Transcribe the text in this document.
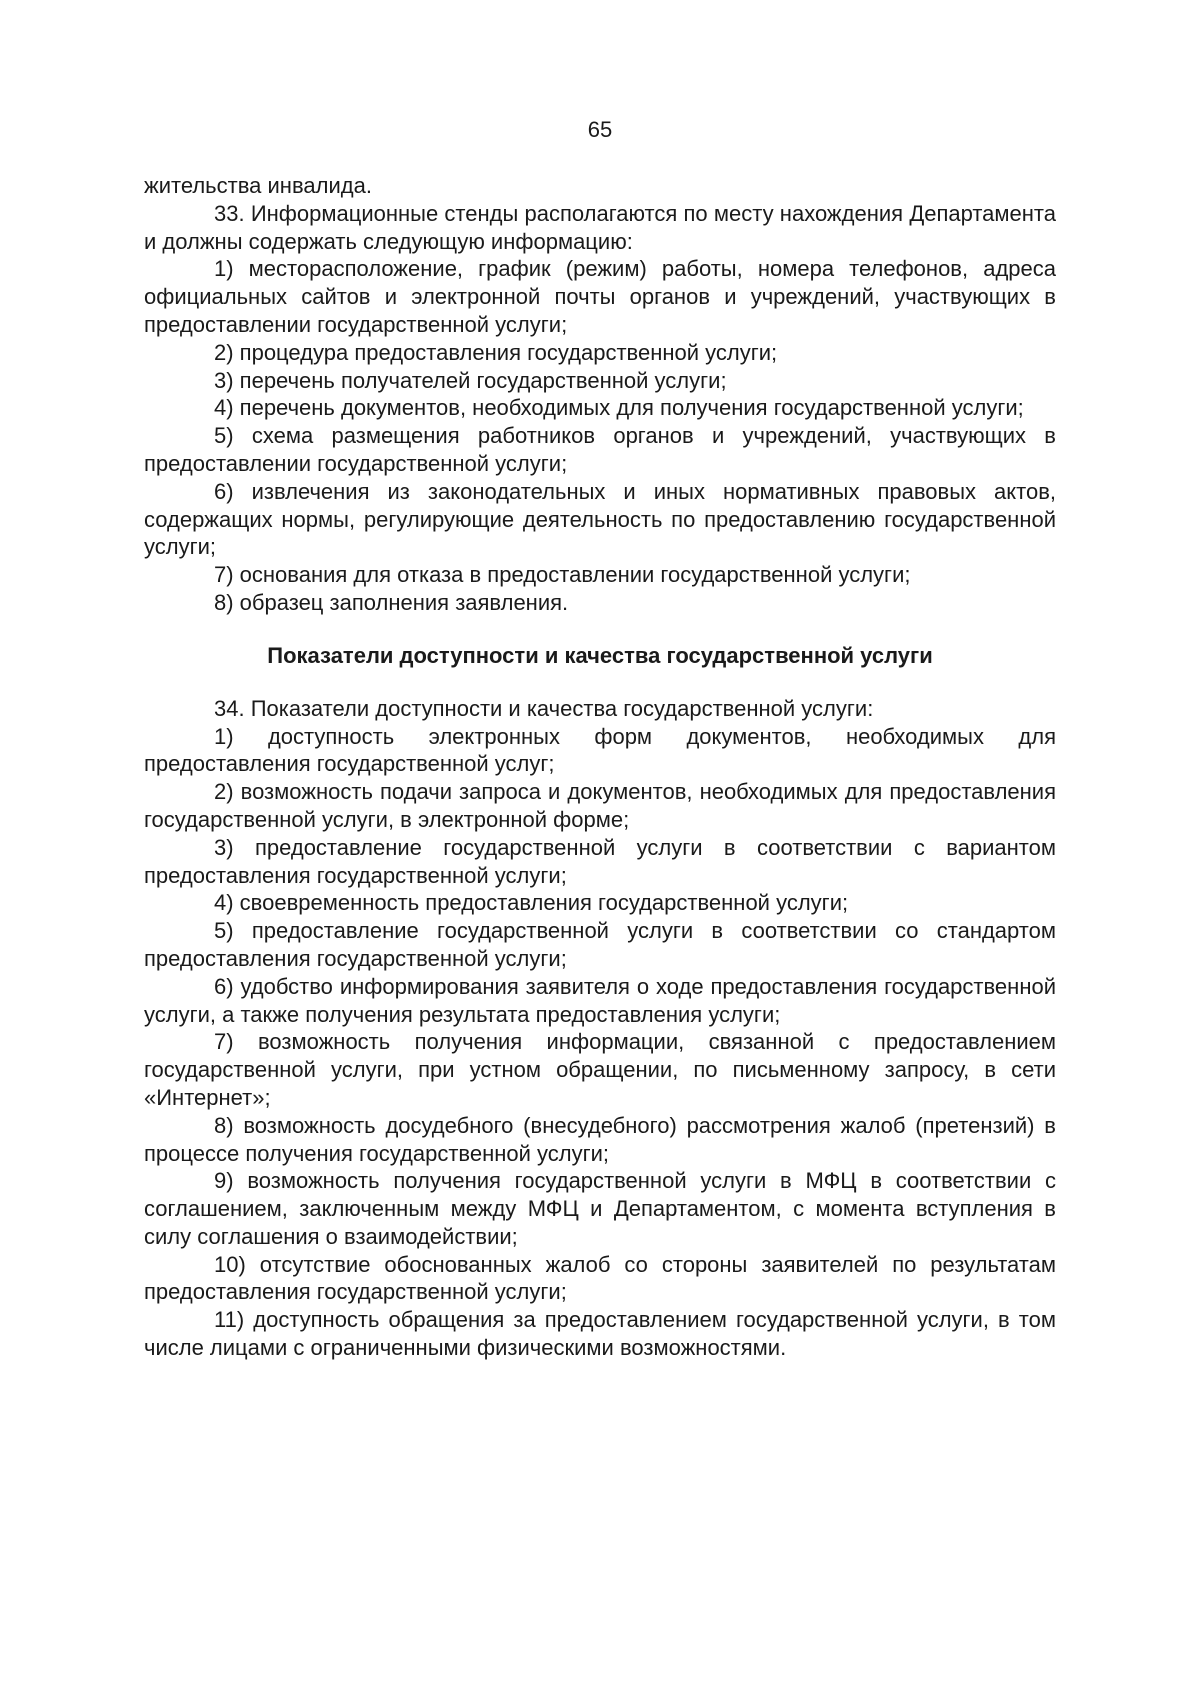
65

жительства инвалида.

33. Информационные стенды располагаются по месту нахождения Департамента и должны содержать следующую информацию:

1) месторасположение, график (режим) работы, номера телефонов, адреса официальных сайтов и электронной почты органов и учреждений, участвующих в предоставлении государственной услуги;

2) процедура предоставления государственной услуги;

3) перечень получателей государственной услуги;

4) перечень документов, необходимых для получения государственной услуги;

5) схема размещения работников органов и учреждений, участвующих в предоставлении государственной услуги;

6) извлечения из законодательных и иных нормативных правовых актов, содержащих нормы, регулирующие деятельность по предоставлению государственной услуги;

7) основания для отказа в предоставлении государственной услуги;

8) образец заполнения заявления.

Показатели доступности и качества государственной услуги

34. Показатели доступности и качества государственной услуги:

1) доступность электронных форм документов, необходимых для предоставления государственной услуг;

2) возможность подачи запроса и документов, необходимых для предоставления государственной услуги, в электронной форме;

3) предоставление государственной услуги в соответствии с вариантом предоставления государственной услуги;

4) своевременность предоставления государственной услуги;

5) предоставление государственной услуги в соответствии со стандартом предоставления государственной услуги;

6) удобство информирования заявителя о ходе предоставления государственной услуги, а также получения результата предоставления услуги;

7) возможность получения информации, связанной с предоставлением государственной услуги, при устном обращении, по письменному запросу, в сети «Интернет»;

8) возможность досудебного (внесудебного) рассмотрения жалоб (претензий) в процессе получения государственной услуги;

9) возможность получения государственной услуги в МФЦ в соответствии с соглашением, заключенным между МФЦ и Департаментом, с момента вступления в силу соглашения о взаимодействии;

10) отсутствие обоснованных жалоб со стороны заявителей по результатам предоставления государственной услуги;

11) доступность обращения за предоставлением государственной услуги, в том числе лицами с ограниченными физическими возможностями.
